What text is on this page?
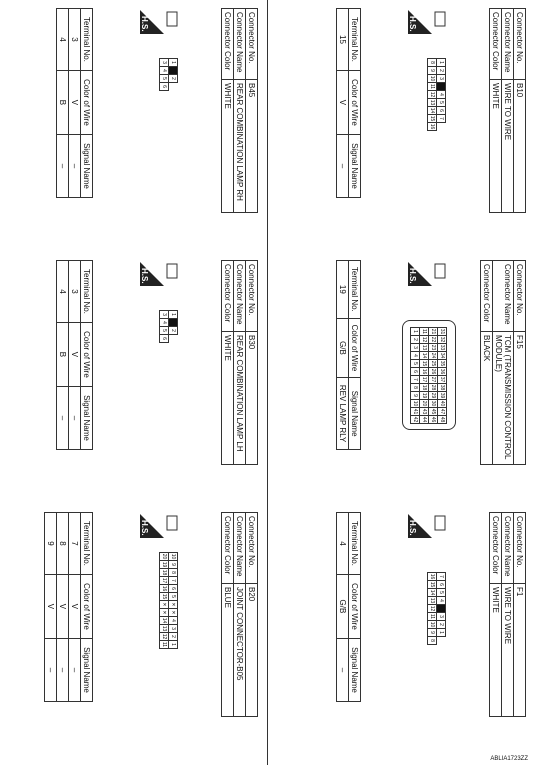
Connector No.	B10
Connector Name	WIRE TO WIRE
Connector Color	WHITE
H.S.
1
2
3
4
5
6
7
8
9
10
11
12
13
14
15
16
Terminal No.	Color of Wire	Signal Name
15	V	–
Connector No.	F15
Connector Name	TCM (TRANSMISSION CONTROL MODULE)
Connector Color	BLACK
H.S.
31
32
33
34
35
36
37
38
39
40
47
48
21
22
23
24
25
26
27
28
29
30
45
46
11
12
13
14
15
16
17
18
19
20
43
44
1
2
3
4
5
6
7
8
9
10
41
42
Terminal No.	Color of Wire	Signal Name
19	G/B	REV LAMP RLY
Connector No.	F1
Connector Name	WIRE TO WIRE
Connector Color	WHITE
H.S.
7
6
5
4
3
2
1
16
15
14
13
12
11
10
9
8
Terminal No.	Color of Wire	Signal Name
4	G/B	–
Connector No.	B45
Connector Name	REAR COMBINATION LAMP RH
Connector Color	WHITE
H.S.
1
2
3
4
5
6
Terminal No.	Color of Wire	Signal Name
3	V	–
4	B	–
Connector No.	B30
Connector Name	REAR COMBINATION LAMP LH
Connector Color	WHITE
H.S.
1
2
3
4
5
6
Terminal No.	Color of Wire	Signal Name
3	V	–
4	B	–
Connector No.	B20
Connector Name	JOINT CONNECTOR-B05
Connector Color	BLUE
H.S.
10
9
8
7
6
5
✕
✕
4
3
2
1
20
19
18
17
16
15
✕
✕
14
13
12
11
Terminal No.	Color of Wire	Signal Name
7	V	–
8	V	–
9	V	–
ABLIA1723ZZ
